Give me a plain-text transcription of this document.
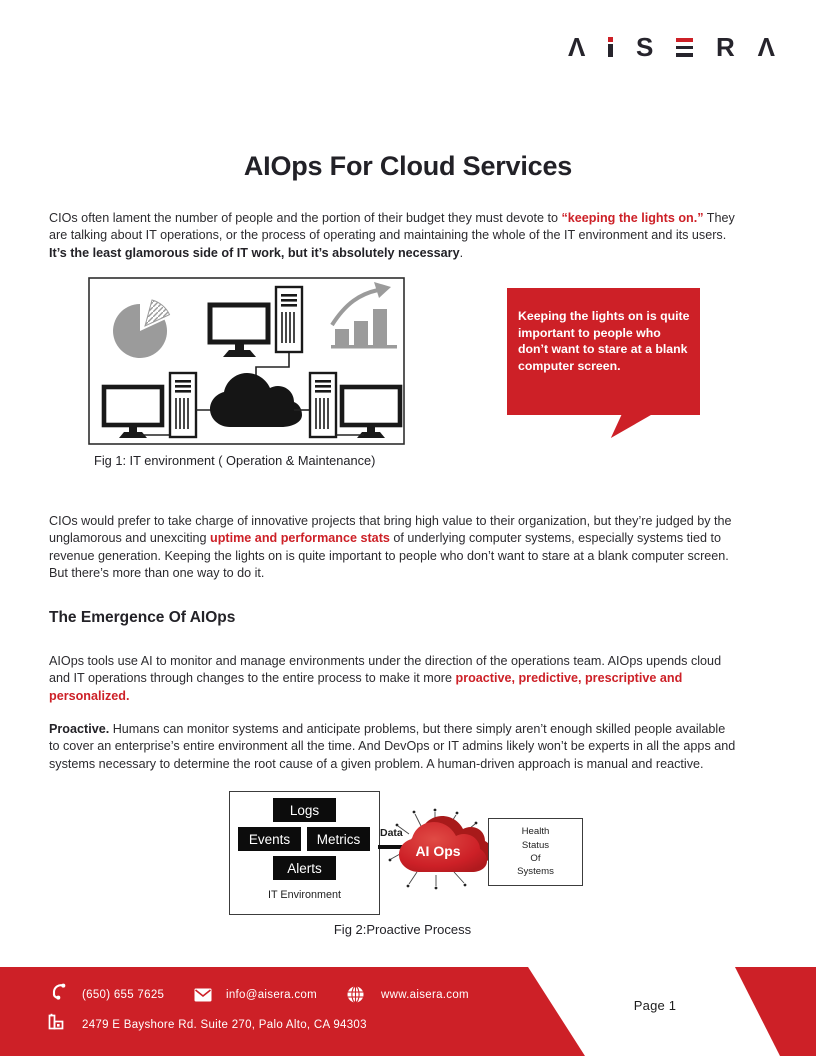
Λ S R Λ
AIOps For Cloud Services

CIOs often lament the number of people and the portion of their budget they must devote to “keeping the lights on.” They are talking about IT operations, or the process of operating and maintaining the whole of the IT environment and its users. It’s the least glamorous side of IT work, but it’s absolutely necessary.

Fig 1: IT environment ( Operation & Maintenance)
Keeping the lights on is quite important to people who don’t want to stare at a blank computer screen.

CIOs would prefer to take charge of innovative projects that bring high value to their organization, but they’re judged by the unglamorous and unexciting uptime and performance stats of underlying computer systems, especially systems tied to revenue generation. Keeping the lights on is quite important to people who don’t want to stare at a blank computer screen. But there’s more than one way to do it.

The Emergence Of AIOps

AIOps tools use AI to monitor and manage environments under the direction of the operations team. AIOps upends cloud and IT operations through changes to the entire process to make it more proactive, predictive, prescriptive and personalized.

Proactive. Humans can monitor systems and anticipate problems, but there simply aren’t enough skilled people available to cover an enterprise’s entire environment all the time. And DevOps or IT admins likely won’t be experts in all the apps and systems necessary to determine the root cause of a given problem. A human-driven approach is manual and reactive.

Logs
Events Metrics
Alerts
IT Environment
Data
AI Ops
Health
Status
Of
Systems
Fig 2:Proactive Process
(650) 655 7625	info@aisera.com	www.aisera.com
2479 E Bayshore Rd. Suite 270, Palo Alto, CA 94303
Page 1
